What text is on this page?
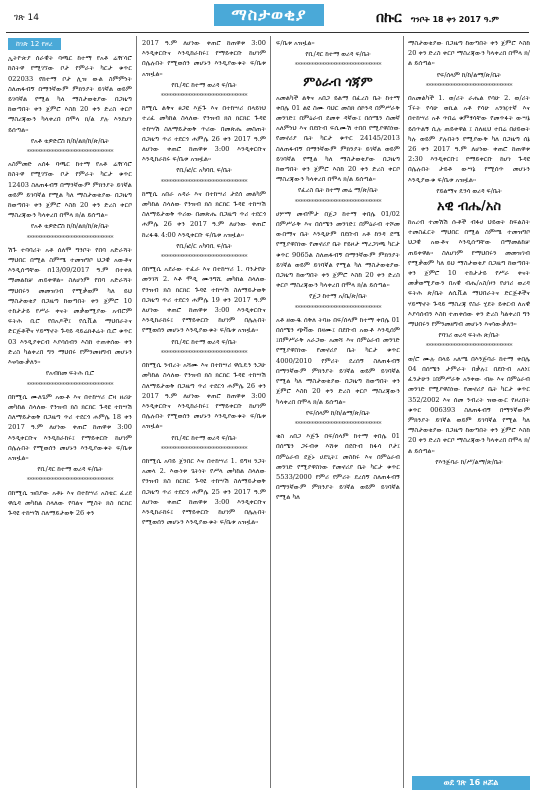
ገጽ 14	ማስታወቂያ	በኩር ግንቦት 18 ቀን 2017 ዓ.ም
ከገጽ 12 የዞረ

ኢትዮጵያ ሰራዊት ባጫር ከተማ የአቶ ሬዥሳሮ ከስትዋ የሚገኘው ቦታ የምራት ካርታ ቁጥር 022033 የከተማ ቦታ ሊዝ ውል ስምምነት ስለጠፋብኝ በማንኛውም ምክንያት ይገኛል ወይም ይገባኛል የሚል ካለ ማስታወቂያው በጋዜጣ ከወጣበት ቀን ጀምሮ እስከ 20 ቀን ድረስ ቀርቦ ማስረጃውን ካላቀረበ በሞላ ክ/ል ያሉ እንደሆነ ይሰጣል።

የአቶ ቴዎድሮስ ከ/ከ/ልክ/ከ/ጽ/ቤት

********************************

አስምመድ አሰፋ ባጫር ከተማ የአቶ ሬዥሳሮ ከስትዋ የሚገኘው ቦታ የምራት ካርታ ቁጥር 12403 ስለጠፋብኝ በማንኛውም ምክንያት ይገኛል ወይም ይገባኛል የሚል ካለ ማስታወቂያው በጋዜጣ ከወጣበት ቀን ጀምሮ እስከ 20 ቀን ድረስ ቀርቦ ማስረጃውን ካላቀረበ በሞላ ክ/ል ይሰጣል።

የአቶ ቴዎድሮስ ከ/ከ/ልክ/ከ/ጽ/ቤት

********************************

ሽጉ ተባባሪት አቶ ሰለሞ ግንቦት የበባ አድራሻት ማህበር በሚል ስምሜ ተመዝግቦ ህጋዊ አውቶና እንዲሰጣቸው በ13/09/2017 ዓ.ም በተቀጸ ማመልከቻ ጠይቀዋል። ስለሆነም የበባ አድራሻት ማህበሩን መመዝገብ የሚቃወም ካለ ይህ ማስታወቂያ በጋዜጣ ከወጣበት ቀን ጀምሮ 10 ተከታታይ የሥራ ቀናት መቃወሚያው አብሮም ፍትሕ ቢሮ የበአዶች፤ የሲቪል ማህበራትና ድርጅቶችና ሃይማኖት ጉዳይ ዳይሬክቶሬት ቢሮ ቁጥር 03 እንዲያቀርብ እያሳሰብን እስከ ተጠቀሰው ቀን ድረስ ካልቀረበ ግን ማህበሩ የምንመዘግብ መሆኑን እናሳውቃለን።

የአብክመ ፍትሕ ቢሮ

********************************

በከሚሴ ሙለጌም አውቶ እና በተከሣሪ ሮዛ ዘሪሁ መካከል ስላለው የንዝብ ክስ ክርክር ጉዳዩ ተከሣሽ ስለማይታወቅ በጋዜጣ ጥሪ ተደርጎ ሐምሌ 18 ቀን 2017 ዓ.ም ለሆነው ቀጠሮ ከጠዋቱ 3:00 እንዲቀርቡና እንዲከራከሩ፤ የማይቀርቡ ከሆነም በሌሉበት የሚወሰን መሆኑን እንዲያውቁት ፍ/ቤቱ አዝዟል።

የቢ/ዳር ከተማ ወረዳ ፍ/ቤት

********************************

በከሚሴ ዝበያው አቶኑ እና በተከሣሪ አስቴር ፈረደ ዋሴዳ መካከል ስላለው የባልና ሚስት ክስ ክርክር ጉዳዩ ተከሣሽ ስለማይታወቅ 26 ቀን

2017 ዓ.ም ለሆነው ቀጠሮ ከጠዋቱ 3:00 እንዲቀርቡና እንዲከራከሩ፤ የማይቀርቡ ከሆነም በሌሉበት የሚወሰን መሆኑን እንዲያውቁት ፍ/ቤቱ አዝዟል።

የቢ/ዳር ከተማ ወረዳ ፍ/ቤት

********************************

ከሚሴ ልቅና ፀጋዩ እጅጉ እና በተከሣሪ በላይነህ ተረፈ መካከል ስላለው የንዝብ ክስ ክርክር ጉዳዩ ተከሣሽ ስለማይታወቅ ጥሪው በመጽሔ መስጠት በጋዜጣ ጥሪ ተደርጎ ሐምሌ 26 ቀን 2017 ዓ.ም ለሆነው ቀጠሮ ከጠዋቱ 3:00 እንዲቀርቡና እንዲከራከሩ ፍ/ቤቱ አዝዟል።

የቢ/ፎ/ር አካባቢ ፍ/ቤት

********************************

ከሚሴ አበራ አዳራ እና በተከሣሪ ታደሰ መልካም መካከል ስላለው የንዝብ ክስ ክርክር ጉዳዩ ተከሣሽ ስለማይታወቅ ጥሪው በመጽሔ በጋዜጣ ጥሪ ተደርጎ ሐምሌ 26 ቀን 2017 ዓ.ም ለሆነው ቀጠሮ ከረፋዱ 4:00 እንዲቀርቡ ፍ/ቤቱ አዝዟል።

የቢ/ፎ/ር አካባቢ ፍ/ቤት

********************************

በከሚሴ አደራው ተፈራ እና በተከሣሪ 1. ባንታየሁ መንገሻ 2. እቶ ሞዲ ሙንግሺ መካከል ስላለው የንዝብ ክስ ክርክር ጉዳዩ ተከሣሽ ስለማይታወቅ በጋዜጣ ጥሪ ተደርጎ ሐምሌ 19 ቀን 2017 ዓ.ም ለሆነው ቀጠሮ ከጠዋቱ 3:00 እንዲቀርቡና እንዲከራከሩ፤ የማይቀርቡ ከሆነም በሌሉበት የሚወሰን መሆኑን እንዲያውቁት ፍ/ቤቱ አዝዟል።

የቢ/ዳር ከተማ ወረዳ ፍ/ቤት

********************************

በከሚሴ ንብረት አሻሙ እና በተከሣሪ ዋሲዴን ንጋሁ መካከል ስላለው የንዝብ ክስ ክርክር ጉዳዩ ተከሣሽ ስለማይታወቅ በጋዜጣ ጥሪ ተደርጎ ሐምሌ 26 ቀን 2017 ዓ.ም ለሆነው ቀጠሮ ከጠዋቱ 3:00 እንዲቀርቡና እንዲከራከሩ፤ የማይቀርቡ ከሆነም በሌሉበት የሚወሰን መሆኑን እንዲያውቁት ፍ/ቤቱ አዝዟል።

የቢ/ዳር ከተማ ወረዳ ፍ/ቤት

********************************

በከሚሴ አባይ ጀንበር እና በተከሣሪ 1. ይግዛ ንጋት አመላ 2. እውነቱ ጌትነት የሥላ መካከል ስላለው የንዝብ ክስ ክርክር ጉዳዩ ተከሣሽ ስለማይታወቅ በጋዜጣ ጥሪ ተደርጎ ሐምሌ 25 ቀን 2017 ዓ.ም ለሆነው ቀጠሮ ከጠዋቱ 3:00 እንዲቀርቡና እንዲከራከሩ፤ የማይቀርቡ ከሆነም በሌሉበት የሚወሰን መሆኑን እንዲያውቁት ፍ/ቤቱ አዝዟል።

ፍ/ቤቱ አዝዟል።

የቢ/ዳር ከተማ ወረዳ ፍ/ቤት

********************************
ምዕራብ ጎጃም

አመልካች ልቅና አበጋ ይልማ በፈረስ ቤት ከተማ ቀበሌ 01 ልዩ ስሙ ባህር መስክ ሰኮንዳ በምሥራቅ መንገድ፤ በምዕራብ ደመቀ ዳኛው፤ በሰሜን ስመኛ አለምነህ እና በደቡብ ፍሲሙሽ ተበበ የሚያዋስነው የመኖሪያ ቤት ካርታ ቁጥር 24145/2013 ስለጠፋብኝ በማንኛውም ምክንያት ይገኛል ወይም ይገባኛል የሚል ካለ ማስታወቂያው በጋዜጣ ከወጣበት ቀን ጀምሮ እስከ 20 ቀን ድረስ ቀርቦ ማስረጃውን ካላቀረበ በሞላ ክ/ል ይሰጣል።

የፈረስ ቤት ከተማ መሬ ማ/ጽ/ቤት

********************************

ሀሦማ መብሞታ በጀጋ ከተማ ቀበሌ 01/02 በምሥራቅ እና በሰሜን መንገድ፤ በምዕራብ ተሾመ ውበማና ቤት እንዲሁም በደቡብ አቶ ከንዳ ደሜ የሚያዋስነው የመኖሪያ ቤት የይዞታ ማረጋገጫ ካርታ ቁጥር 9065ል ስለጠፋብኝ በማንኛውም ምክንያት ይገኛል ወይም ይገባኛል የሚል ካለ ማስታወቂያው በጋዜጣ ከወጣበት ቀን ጀምሮ እስከ 20 ቀን ድረስ ቀርቦ ማስረጃውን ካላቀረበ በሞላ ክ/ል ይሰጣል።

የጀጋ ከተማ አ/ቤ/ጽ/ቤት

********************************

አቶ ዘውዱ ሰቅለ ትባዙ በፍ/ሰላም ከተማ ቀበሌ 01 በሰሜን ጭቫው በዛሙ፤ በደቡብ አውቶ እንዲሰም ፤በምሥራቅ አራጋው አመሻ እና በምዕራብ መንገድ የሚያዋስነው የመኖሪያ ቤት ካርታ ቁጥር 4000/2010 የምሪት ደረሰኝ ስለጠፋብኝ በማንኛውም ምክንያት ይገኛል ወይም ይገባኛል የሚል ካለ ማስታወቂያው በጋዜጣ ከወጣበት ቀን ጀምሮ እስከ 20 ቀን ድረስ ቀርቦ ማስረጃውን ካላቀረበ በሞላ ክ/ል ይሰጣል።

የፍ/ሰላም ከ/ከ/ልማ/ጽ/ቤት

********************************

ቄስ አበጋ እጅጉ በፍ/ሰላም ከተማ ቀበሌ 01 በሰሜን ጋሩብቱ እሸቱ በደቡብ ከፋሳ ቦታ፤ በምዕራብ ደጀኑ ሀደጊት፤ መስከሩ እና በምዕራብ መንገድ የሚያዋስነው የመኖሪያ ቤት ካርታ ቁጥር 5533/2000 የምሪ የምሪት ደረሰኝ ስለጠፋብኝ በማንኛውም ምክንያት ይገኛል ወይም ይገባኛል የሚል ካለ

ማስታወቂያው በጋዜጣ ከወጣበት ቀን ጀምሮ እስከ 20 ቀን ድረስ ቀርቦ ማስረጃውን ካላቀረበ በሞላ ክ/ል ይሰጣል።

የፍ/ሰላም ከ/ከ/ልማ/ጽ/ቤት

********************************

በአመልካች 1. ወ/ሪት ራሔል የሳሁ 2. ወ/ሪት ፕሩት የሳሁ ወኪል አቶ የሳሁ አንዢተኛ እና በተከሣሪ አቶ ጥበሬ ቁምፃሳቸው የመጥፋት ውሣኔ ይሰጥልኝ ሲሉ ጠይቀዋል ፤ ስለዚህ ተበሬ በሀይወት ካሉ ወይም ያሉበትን የሚያውቅ ካለ በጋዜጣ ሰኔ 26 ቀን 2017 ዓ.ም ለሆነው ቀጠሮ ከጠዋቱ 2:30 እንዲቀርቡ፤ የማይቀርቡ ከሆነ ጉዳዩ በሌሉበት ታይቶ ውሣኔ የሚሰጥ መሆኑን እንዲያውቁ ፍ/ቤቱ አዝዟል።

የይልማና ዴንሳ ወረዳ ፍ/ቤት

አዊ ብሔ/አስ

ከአረብ ተመሽሽ ሱቶች ብፋሀ ህይወት ከፍልስት ተመስፈርት ማህበር በሚል ስምሜ ተመዝግቦ ህጋዊ አውቶና እንዲሰጣቸው በማመልከቻ ጠይቀዋል። ስለሆነም የማህበሩን መመዝገብ የሚቃወም ካለ ይህ ማስታወቂያ በጋዜጣ ከወጣበት ቀን ጀምሮ 10 ተከታታይ የሥራ ቀናት መቃወሚያውን በአዊ ብሔ/አስ/ዞን የሀገሪ ወረዳ ፍትሕ ጽ/ቤት ለሲቪል ማህበራትና ድርጅቶችና ሃይማኖት ጉዳይ ማስረጃ የስራ ሂደት ይቀርብ ለአዊ እያሳሰብን እስከ ተጠቀሰው ቀን ድረስ ካልቀረበ ግን ማህበሩን የምንመዘግብ መሆኑን እናሳውቃለን።

የባገሪ ወረዳ ፍትሕ ጽ/ቤት

********************************

ወ/ሮ ሙሉ በላይ አለሜ በእንጅባራ ከተማ ቀበሌ 04 በሰሜን ታምራት በቃሉ፤ በደቡብ አለነ፤ ፈንታሁን ፤በምሥራቅ አንቀው ብዙ እና በምዕራብ መንገድ የሚያዋስነው የመኖሪያ ቤት ካርታ ቁጥር 352/2002 እና ሰመ ንብረት ዝውውር የዞረበት ቁጥር 006393 ስለጠፋብኝ በማንኛውም ምክንያት ይገኛል ወይም ይገባኛል የሚል ካለ ማስታወቂያው በጋዜጣ ከወጣበት ቀን ጀምሮ እስከ 20 ቀን ድረስ ቀርቦ ማስረጃውን ካላቀረበ በሞላ ክ/ል ይሰጣል።

የእንጅባራ ከ/ሥ/ልማ/ጽ/ቤት

ወደ ገጽ 16 ዞሯል
